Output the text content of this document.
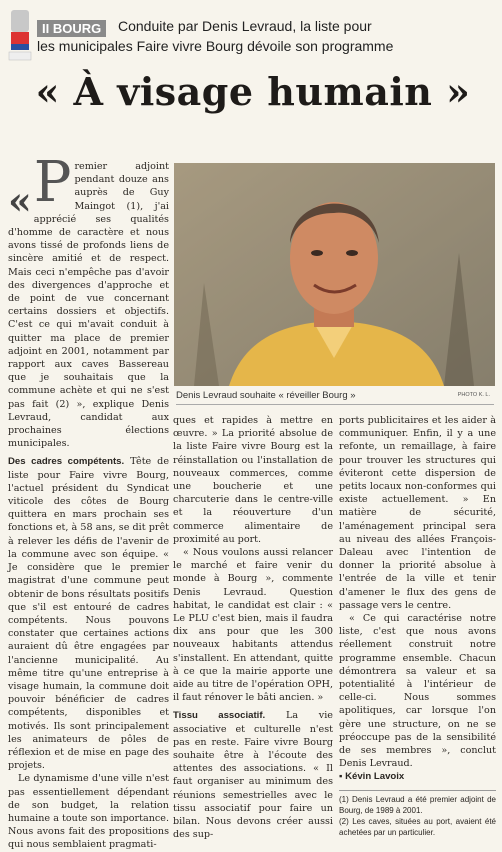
II BOURG	Conduite par Denis Levraud, la liste pour
les municipales Faire vivre Bourg dévoile son programme
« À visage humain »
Denis Levraud souhaite « réveiller Bourg »	PHOTO K. L.

« P remier adjoint pendant douze ans auprès de Guy Maingot (1), j'ai apprécié ses qualités d'homme de caractère et nous avons tissé de profonds liens de sincère amitié et de respect. Mais ceci n'empêche pas d'avoir des divergences d'approche et de point de vue concernant certains dossiers et objectifs. C'est ce qui m'avait conduit à quitter ma place de premier adjoint en 2001, notamment par rapport aux caves Bassereau que je souhaitais que la commune achète et qui ne s'est pas fait (2) », explique Denis Levraud, candidat aux prochaines élections municipales.

Des cadres compétents. Tête de liste pour Faire vivre Bourg, l'actuel président du Syndicat viticole des côtes de Bourg quittera en mars prochain ses fonctions et, à 58 ans, se dit prêt à relever les défis de l'avenir de la commune avec son équipe. « Je considère que le premier magistrat d'une commune peut obtenir de bons résultats positifs que s'il est entouré de cadres compétents. Nous pouvons constater que certaines actions auraient dû être engagées par l'ancienne municipalité. Au même titre qu'une entreprise à visage humain, la commune doit pouvoir bénéficier de cadres compétents, disponibles et motivés. Ils sont principalement les animateurs de pôles de réflexion et de mise en page des projets.

Le dynamisme d'une ville n'est pas essentiellement dépendant de son budget, la relation humaine a toute son importance. Nous avons fait des propositions qui nous semblaient pragmati-

ques et rapides à mettre en œuvre. » La priorité absolue de la liste Faire vivre Bourg est la réinstallation ou l'installation de nouveaux commerces, comme une boucherie et une charcuterie dans le centre-ville et la réouverture d'un commerce alimentaire de proximité au port.

« Nous voulons aussi relancer le marché et faire venir du monde à Bourg », commente Denis Levraud. Question habitat, le candidat est clair : « Le PLU c'est bien, mais il faudra dix ans pour que les 300 nouveaux habitants attendus s'installent. En attendant, quitte à ce que la mairie apporte une aide au titre de l'opération OPH, il faut rénover le bâti ancien. »

Tissu associatif. La vie associative et culturelle n'est pas en reste. Faire vivre Bourg souhaite être à l'écoute des attentes des associations. « Il faut organiser au minimum des réunions semestrielles avec le tissu associatif pour faire un bilan. Nous devons créer aussi des sup-

ports publicitaires et les aider à communiquer. Enfin, il y a une refonte, un remaillage, à faire pour trouver les structures qui éviteront cette dispersion de petits locaux non-conformes qui existe actuellement. » En matière de sécurité, l'aménagement principal sera au niveau des allées François-Daleau avec l'intention de donner la priorité absolue à l'entrée de la ville et tenir d'amener le flux des gens de passage vers le centre.

« Ce qui caractérise notre liste, c'est que nous avons réellement construit notre programme ensemble. Chacun démontrera sa valeur et sa potentialité à l'intérieur de celle-ci. Nous sommes apolitiques, car lorsque l'on gère une structure, on ne se préoccupe pas de la sensibilité de ses membres », conclut Denis Levraud.

▪ Kévin Lavoix

(1) Denis Levraud a été premier adjoint de Bourg, de 1989 à 2001.
(2) Les caves, situées au port, avaient été achetées par un particulier.
